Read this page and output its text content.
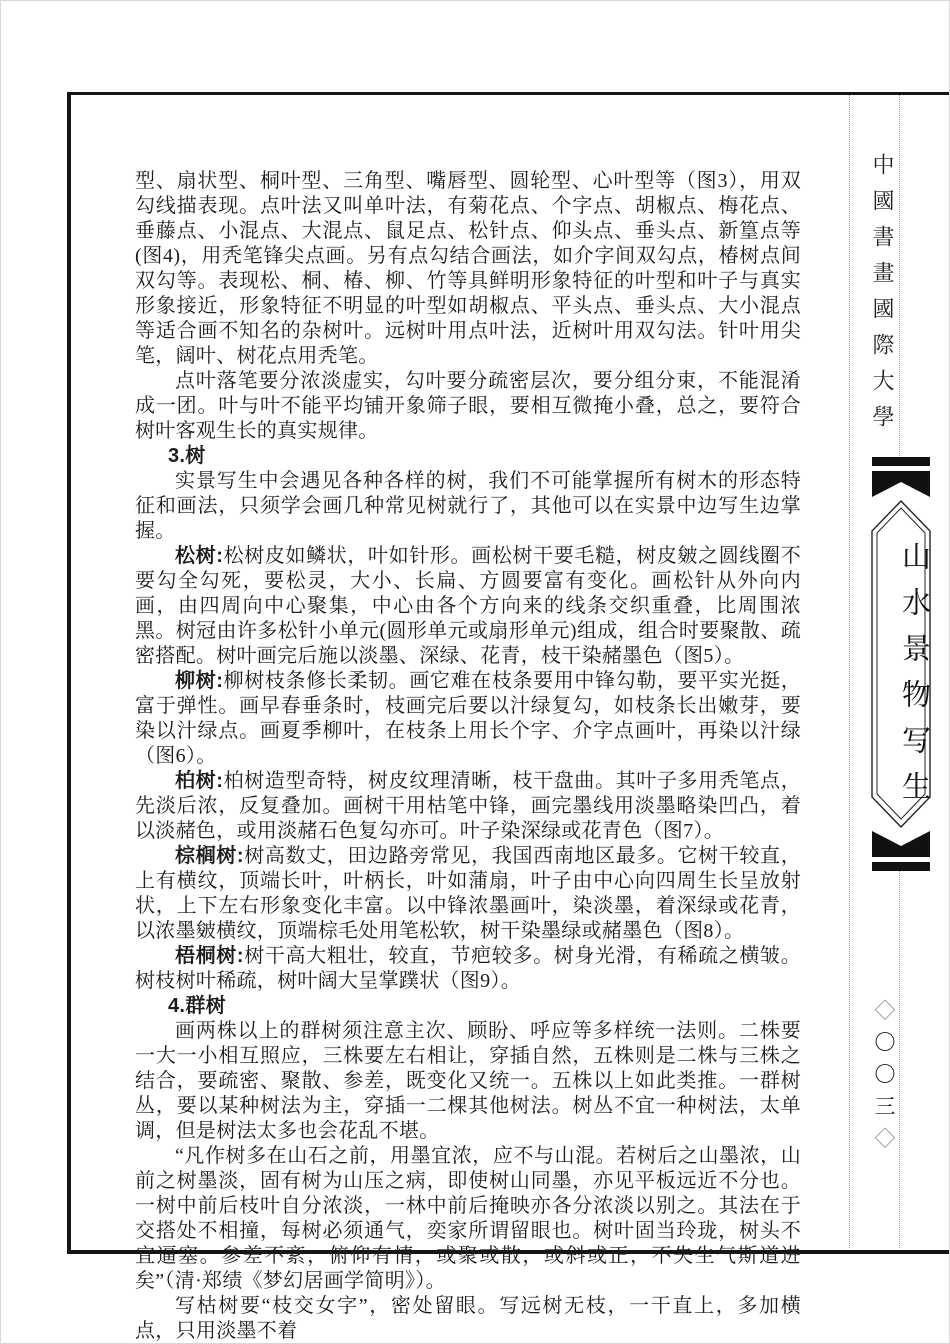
型、扇状型、桐叶型、三角型、嘴唇型、圆轮型、心叶型等（图3），用双勾线描表现。点叶法又叫单叶法，有菊花点、个字点、胡椒点、梅花点、垂藤点、小混点、大混点、鼠足点、松针点、仰头点、垂头点、新篁点等(图4)，用秃笔锋尖点画。另有点勾结合画法，如介字间双勾点，椿树点间双勾等。表现松、桐、椿、柳、竹等具鲜明形象特征的叶型和叶子与真实形象接近，形象特征不明显的叶型如胡椒点、平头点、垂头点、大小混点等适合画不知名的杂树叶。远树叶用点叶法，近树叶用双勾法。针叶用尖笔，阔叶、树花点用秃笔。

点叶落笔要分浓淡虚实，勾叶要分疏密层次，要分组分束，不能混淆成一团。叶与叶不能平均铺开象筛子眼，要相互微掩小叠，总之，要符合树叶客观生长的真实规律。

3.树

实景写生中会遇见各种各样的树，我们不可能掌握所有树木的形态特征和画法，只须学会画几种常见树就行了，其他可以在实景中边写生边掌握。

松树:松树皮如鳞状，叶如针形。画松树干要毛糙，树皮皴之圆线圈不要勾全勾死，要松灵，大小、长扁、方圆要富有变化。画松针从外向内画，由四周向中心聚集，中心由各个方向来的线条交织重叠，比周围浓黑。树冠由许多松针小单元(圆形单元或扇形单元)组成，组合时要聚散、疏密搭配。树叶画完后施以淡墨、深绿、花青，枝干染赭墨色（图5）。

柳树:柳树枝条修长柔韧。画它难在枝条要用中锋勾勒，要平实光挺，富于弹性。画早春垂条时，枝画完后要以汁绿复勾，如枝条长出嫩芽，要染以汁绿点。画夏季柳叶，在枝条上用长个字、介字点画叶，再染以汁绿（图6）。

柏树:柏树造型奇特，树皮纹理清晰，枝干盘曲。其叶子多用秃笔点，先淡后浓，反复叠加。画树干用枯笔中锋，画完墨线用淡墨略染凹凸，着以淡赭色，或用淡赭石色复勾亦可。叶子染深绿或花青色（图7）。

棕榈树:树高数丈，田边路旁常见，我国西南地区最多。它树干较直，上有横纹，顶端长叶，叶柄长，叶如蒲扇，叶子由中心向四周生长呈放射状，上下左右形象变化丰富。以中锋浓墨画叶，染淡墨，着深绿或花青，以浓墨皴横纹，顶端棕毛处用笔松软，树干染墨绿或赭墨色（图8）。

梧桐树:树干高大粗壮，较直，节疤较多。树身光滑，有稀疏之横皱。树枝树叶稀疏，树叶阔大呈掌蹼状（图9）。

4.群树

画两株以上的群树须注意主次、顾盼、呼应等多样统一法则。二株要一大一小相互照应，三株要左右相让，穿插自然，五株则是二株与三株之结合，要疏密、聚散、参差，既变化又统一。五株以上如此类推。一群树丛，要以某种树法为主，穿插一二棵其他树法。树丛不宜一种树法，太单调，但是树法太多也会花乱不堪。

“凡作树多在山石之前，用墨宜浓，应不与山混。若树后之山墨浓，山前之树墨淡，固有树为山压之病，即使树山同墨，亦见平板远近不分也。一树中前后枝叶自分浓淡，一林中前后掩映亦各分浓淡以别之。其法在于交搭处不相撞，每树必须通气，奕家所谓留眼也。树叶固当玲珑，树头不宜逼塞。参差不紊，俯仰有情，或聚或散，或斜或正，不失生气斯道进矣”（清·郑绩《梦幻居画学简明》）。

写枯树要“枝交女字”，密处留眼。写远树无枝，一干直上，多加横点，只用淡墨不着

中國書畫國際大學
山水景物写生
◇〇〇三◇
